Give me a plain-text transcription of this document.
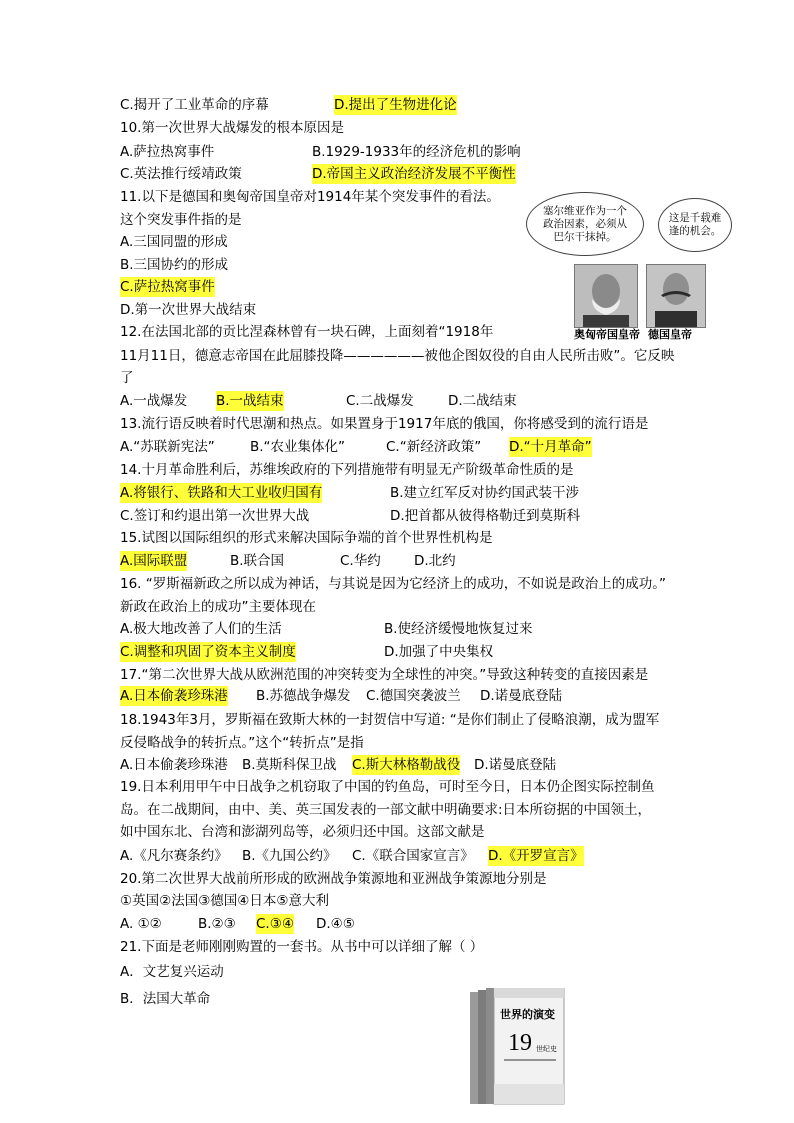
C.揭开了工业革命的序幕	D.提出了生物进化论
10.第一次世界大战爆发的根本原因是
A.萨拉热窝事件	B.1929-1933年的经济危机的影响
C.英法推行绥靖政策	D.帝国主义政治经济发展不平衡性
11.以下是德国和奥匈帝国皇帝对1914年某个突发事件的看法。
这个突发事件指的是
A.三国同盟的形成
B.三国协约的形成
C.萨拉热窝事件
D.第一次世界大战结束
塞尔维亚作为一个政治因素，必须从巴尔干抹掉。
这是千载难逢的机会。
奥匈帝国皇帝 德国皇帝
12.在法国北部的贡比涅森林曾有一块石碑，上面刻着“1918年
11月11日，德意志帝国在此屈膝投降——————被他企图奴役的自由人民所击败”。它反映
了
A.一战爆发 B.一战结束	C.二战爆发	D.二战结束
13.流行语反映着时代思潮和热点。如果置身于1917年底的俄国，你将感受到的流行语是
A.“苏联新宪法”	B.“农业集体化”	C.“新经济政策” D.“十月革命”
14.十月革命胜利后，苏维埃政府的下列措施带有明显无产阶级革命性质的是
A.将银行、铁路和大工业收归国有	B.建立红军反对协约国武装干涉
C.签订和约退出第一次世界大战	D.把首都从彼得格勒迁到莫斯科
15.试图以国际组织的形式来解决国际争端的首个世界性机构是
A.国际联盟	B.联合国	C.华约 D.北约
16. “罗斯福新政之所以成为神话，与其说是因为它经济上的成功，不如说是政治上的成功。”
新政在政治上的成功”主要体现在
A.极大地改善了人们的生活	B.使经济缓慢地恢复过来
C.调整和巩固了资本主义制度	D.加强了中央集权
17.“第二次世界大战从欧洲范围的冲突转变为全球性的冲突。”导致这种转变的直接因素是
A.日本偷袭珍珠港 B.苏德战争爆发 C.德国突袭波兰 D.诺曼底登陆
18.1943年3月，罗斯福在致斯大林的一封贺信中写道: “是你们制止了侵略浪潮，成为盟军
反侵略战争的转折点。”这个“转折点”是指
A.日本偷袭珍珠港 B.莫斯科保卫战 C.斯大林格勒战役 D.诺曼底登陆
19.日本利用甲午中日战争之机窃取了中国的钓鱼岛，可时至今日，日本仍企图实际控制鱼
岛。在二战期间，由中、美、英三国发表的一部文献中明确要求:日本所窃据的中国领土，
如中国东北、台湾和澎湖列岛等，必须归还中国。这部文献是
A.《凡尔赛条约》 B.《九国公约》 C.《联合国家宣言》 D.《开罗宣言》
20.第二次世界大战前所形成的欧洲战争策源地和亚洲战争策源地分别是
①英国②法国③德国④日本⑤意大利
A. ①②	B.②③ C.③④ D.④⑤
21.下面是老师刚刚购置的一套书。从书中可以详细了解（ ）
A．文艺复兴运动
B．法国大革命
世界的演变
19 世纪史
